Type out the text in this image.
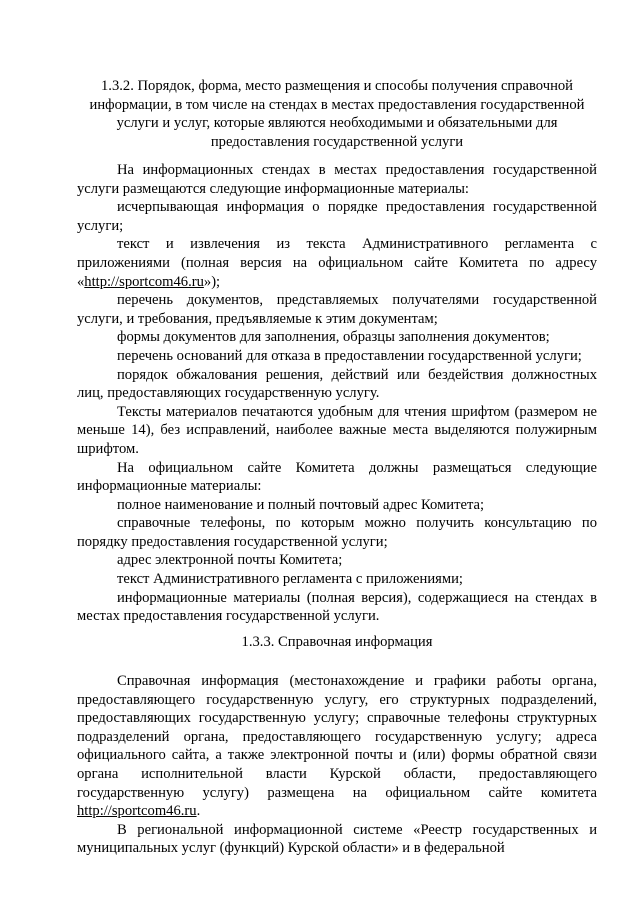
1.3.2. Порядок, форма, место размещения и способы получения справочной информации, в том числе на стендах в местах предоставления государственной услуги и услуг, которые являются необходимыми и обязательными для предоставления государственной услуги

На информационных стендах в местах предоставления государственной услуги размещаются следующие информационные материалы:

исчерпывающая информация о порядке предоставления государственной услуги;

текст и извлечения из текста Административного регламента с приложениями (полная версия на официальном сайте Комитета по адресу «http://sportcom46.ru»);

перечень документов, представляемых получателями государственной услуги, и требования, предъявляемые к этим документам;

формы документов для заполнения, образцы заполнения документов;

перечень оснований для отказа в предоставлении государственной услуги;

порядок обжалования решения, действий или бездействия должностных лиц, предоставляющих государственную услугу.

Тексты материалов печатаются удобным для чтения шрифтом (размером не меньше 14), без исправлений, наиболее важные места выделяются полужирным шрифтом.

На официальном сайте Комитета должны размещаться следующие информационные материалы:

полное наименование и полный почтовый адрес Комитета;

справочные телефоны, по которым можно получить консультацию по порядку предоставления государственной услуги;

адрес электронной почты Комитета;

текст Административного регламента с приложениями;

информационные материалы (полная версия), содержащиеся на стендах в местах предоставления государственной услуги.

1.3.3. Справочная информация

Справочная информация (местонахождение и графики работы органа, предоставляющего государственную услугу, его структурных подразделений, предоставляющих государственную услугу; справочные телефоны структурных подразделений органа, предоставляющего государственную услугу; адреса официального сайта, а также электронной почты и (или) формы обратной связи органа исполнительной власти Курской области, предоставляющего государственную услугу) размещена на официальном сайте комитета http://sportcom46.ru.

В региональной информационной системе «Реестр государственных и муниципальных услуг (функций) Курской области» и в федеральной
